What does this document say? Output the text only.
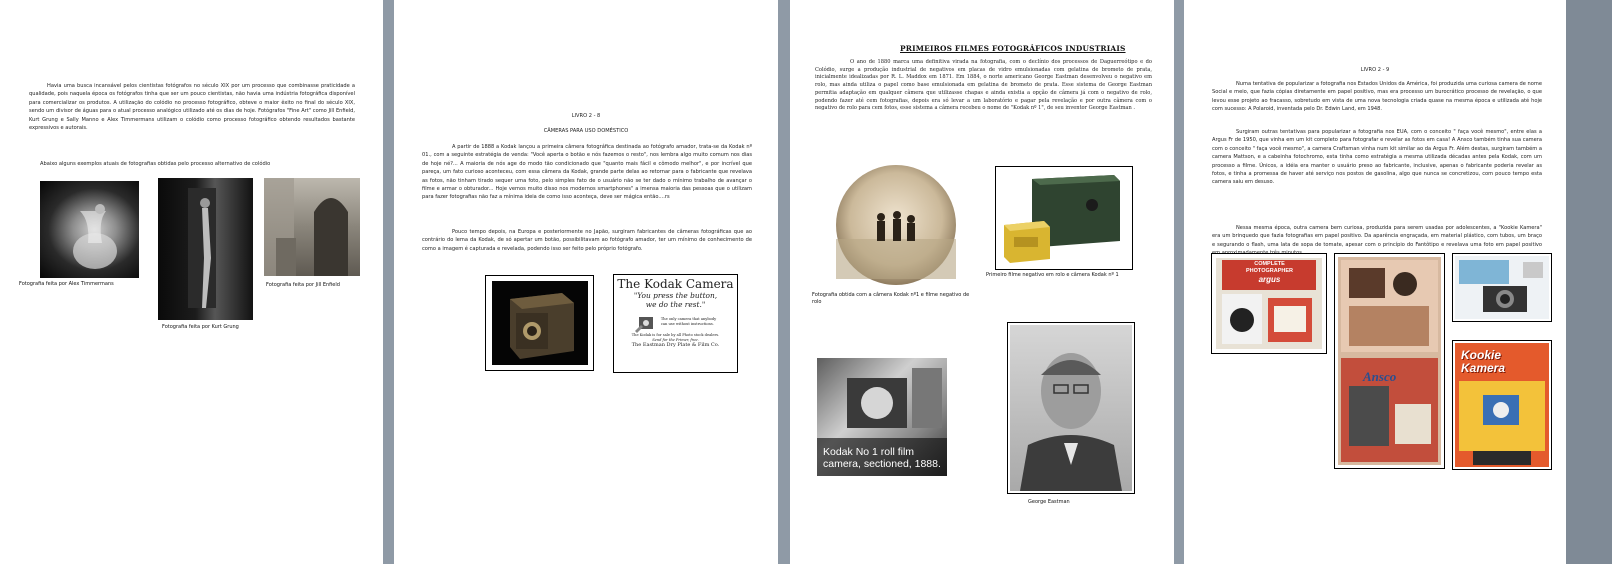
Havia uma busca incansável pelos cientistas fotógrafos no século XIX por um processo que combinasse praticidade a qualidade, pois naquela época os fotógrafos tinha que ser um pouco cientistas, não havia uma indústria fotográfica disponível para comercializar os produtos. A utilização do colódio no processo fotográfico, obteve o maior êxito no final do século XIX, sendo um divisor de águas para o atual processo analógico utilizado até os dias de hoje. Fotógrafos "Fine Art" como Jill Enfield, Kurt Grung e Sally Manno e Alex Timmermans utilizam o colódio como processo fotográfico obtendo resultados bastante expressivos e autorais.
Abaixo alguns exemplos atuais de fotografias obtidas pelo processo alternativo de colódio
Fotografia feita por Alex Timmermans
Fotografia feita por Kurt Grung
Fotografia feita por Jill Enfield
LIVRO 2 - 8
CÂMERAS PARA USO DOMÉSTICO
A partir de 1888 a Kodak lançou a primeira câmera fotográfica destinada ao fotógrafo amador, trata-se da Kodak nº 01., com a seguinte estratégia de venda: "Você aperta o botão e nós fazemos o resto", nos lembra algo muito comum nos dias de hoje né?... A maioria de nós age do modo tão condicionado que "quanto mais fácil e cômodo melhor", e por incrível que pareça, um fato curioso aconteceu, com essa câmera da Kodak, grande parte delas ao retornar para o fabricante que revelava as fotos, não tinham tirado sequer uma foto, pelo simples fato de o usuário não se ter dado o mínimo trabalho de avançar o filme e armar o obturador... Hoje vemos muito disso nos modernos smartphones" a imensa maioria das pessoas que o utilizam para fazer fotografias não faz a mínima ideia de como isso aconteça, deve ser mágica então....rs
Pouco tempo depois, na Europa e posteriormente no Japão, surgiram fabricantes de câmeras fotográficas que ao contrário do lema da Kodak, de só apertar um botão, possibilitavam ao fotógrafo amador, ter um mínimo de conhecimento de como a imagem é capturada e revelada, podendo isso ser feito pelo próprio fotógrafo.
The Kodak Camera
"You press the button,
we do the rest."
The only camera that anybody
can use without instructions.
The Kodak is for sale by all Photo stock dealers.
Send for the Primer, free.
The Eastman Dry Plate & Film Co.
PRIMEIROS FILMES FOTOGRÁFICOS INDUSTRIAIS
O ano de 1880 marca uma definitiva virada na fotografia, com o declínio dos processos de Daguerreótipo e do Colódio, surge a produção industrial de negativos em placas de vidro emulsionadas com gelatina de brometo de prata, inicialmente idealizadas por R. L. Maddox em 1871. Em 1884, o norte americano George Eastman desenvolveu o negativo em rolo, mas ainda utiliza o papel como base emulsionada em gelatina de brometo de prata. Esse sistema de George Eastman permitia adaptação em qualquer câmera que utilizasse chapas e ainda existia a opção de câmera já com o negativo de rolo, podendo fazer até cem fotografias, depois era só levar a um laboratório e pagar pela revelação e por outra câmera com o negativo de rolo para cem fotos, esse sistema a câmera recebeu o nome de "Kodak nº 1", de seu inventor George Eastman .
Fotografia obtida com a câmera Kodak nº1 e filme negativo de rolo
Primeiro filme negativo em rolo e câmera Kodak nº 1
Kodak No 1 roll film
camera, sectioned, 1888.
George Eastman
LIVRO 2 - 9
Numa tentativa de popularizar a fotografia nos Estados Unidos da América, foi produzida uma curiosa camera de nome Social e meio, que fazia cópias diretamente em papel positivo, mas era processo um burocrático processo de revelação, o que levou esse projeto ao fracasso, sobretudo em vista de uma nova tecnologia criada quase na mesma época e utilizada até hoje com sucesso: A Polaroid, inventada pelo Dr. Edwin Land, em 1948.
Surgiram outras tentativas para popularizar a fotografia nos EUA, com o conceito " faça você mesmo", entre elas a Argus Fr de 1950, que vinha em um kit completo para fotografar e revelar as fotos em casa! A Ansco também tinha sua camera com o conceito " faça você mesmo", a camera Craftsman vinha num kit similar ao da Argus Fr. Além destas, surgiram também a camera Mattson, e a cabeinha fotochromo, esta tinha como estratégia a mesma utilizada décadas antes pela Kodak, com um processo a filme. Únicos, a idéia era manter o usuário preso ao fabricante, inclusive, apenas o fabricante poderia revelar as fotos, e tinha a promessa de haver até serviço nos postos de gasolina, algo que nunca se concretizou, com pouco tempo esta camera saiu em desuso.
Nessa mesma época, outra camera bem curiosa, produzida para serem usadas por adolescentes, a "Kookie Kamera" era um brinquedo que fazia fotografias em papel positivo. Da aparência engraçada, em material plástico, com tubos, um braço e segurando o flash, uma lata de sopa de tomate, apesar com o princípio do Fantôtipo e revelava uma foto em papel positivo
COMPLETE
PHOTOGRAPHER
argus
Ansco
Kookie
Kamera
